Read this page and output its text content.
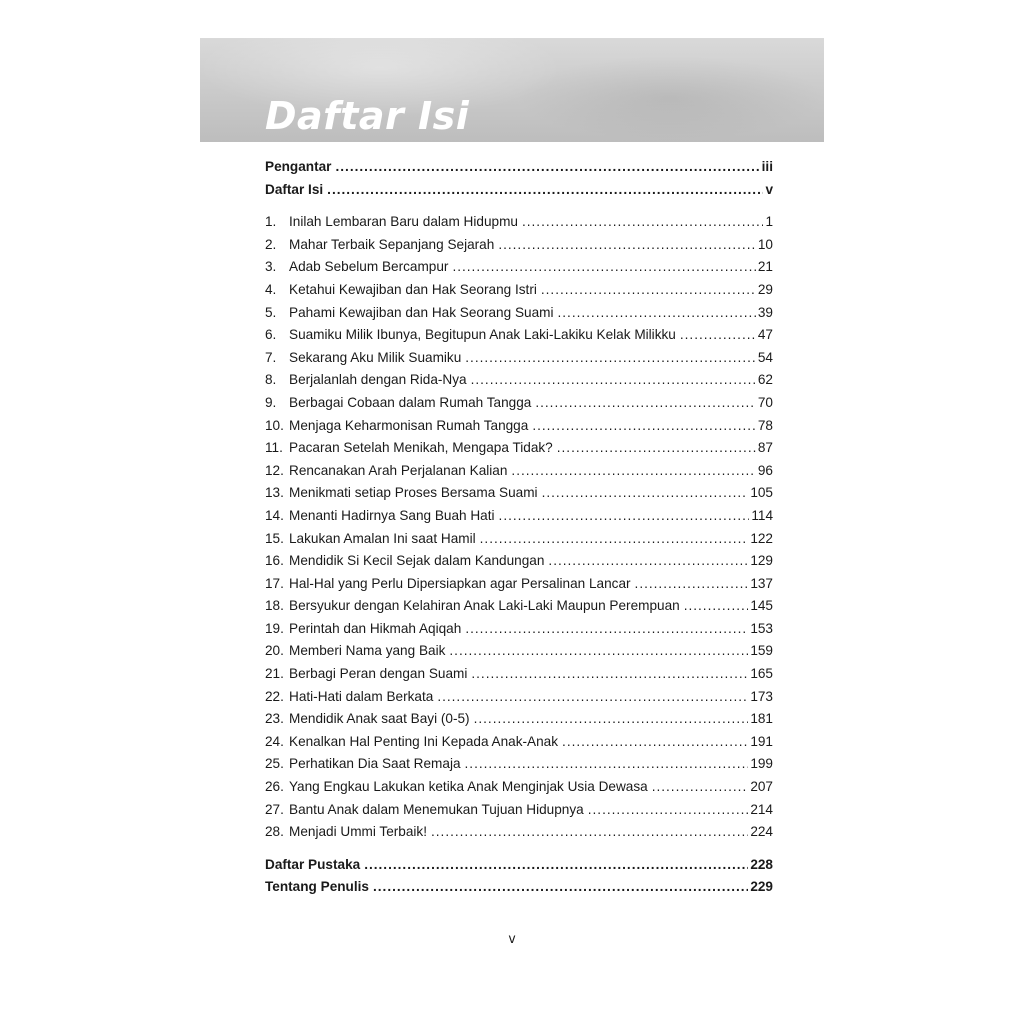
Daftar Isi
Pengantar .....	iii
Daftar Isi .....	v
1. Inilah Lembaran Baru dalam Hidupmu .....	1
2. Mahar Terbaik Sepanjang Sejarah .....	10
3. Adab Sebelum Bercampur .....	21
4. Ketahui Kewajiban dan Hak Seorang Istri .....	29
5. Pahami Kewajiban dan Hak Seorang Suami .....	39
6. Suamiku Milik Ibunya, Begitupun Anak Laki-Lakiku Kelak Milikku .....	47
7. Sekarang Aku Milik Suamiku .....	54
8. Berjalanlah dengan Rida-Nya .....	62
9. Berbagai Cobaan dalam Rumah Tangga .....	70
10. Menjaga Keharmonisan Rumah Tangga .....	78
11. Pacaran Setelah Menikah, Mengapa Tidak? .....	87
12. Rencanakan Arah Perjalanan Kalian .....	96
13. Menikmati setiap Proses Bersama Suami .....	105
14. Menanti Hadirnya Sang Buah Hati .....	114
15. Lakukan Amalan Ini saat Hamil .....	122
16. Mendidik Si Kecil Sejak dalam Kandungan .....	129
17. Hal-Hal yang Perlu Dipersiapkan agar Persalinan Lancar .....	137
18. Bersyukur dengan Kelahiran Anak Laki-Laki Maupun Perempuan .....	145
19. Perintah dan Hikmah Aqiqah .....	153
20. Memberi Nama yang Baik .....	159
21. Berbagi Peran dengan Suami .....	165
22. Hati-Hati dalam Berkata .....	173
23. Mendidik Anak saat Bayi (0-5) .....	181
24. Kenalkan Hal Penting Ini Kepada Anak-Anak .....	191
25. Perhatikan Dia Saat Remaja .....	199
26. Yang Engkau Lakukan ketika Anak Menginjak Usia Dewasa .....	207
27. Bantu Anak dalam Menemukan Tujuan Hidupnya .....	214
28. Menjadi Ummi Terbaik! .....	224
Daftar Pustaka .....	228
Tentang Penulis .....	229
v
